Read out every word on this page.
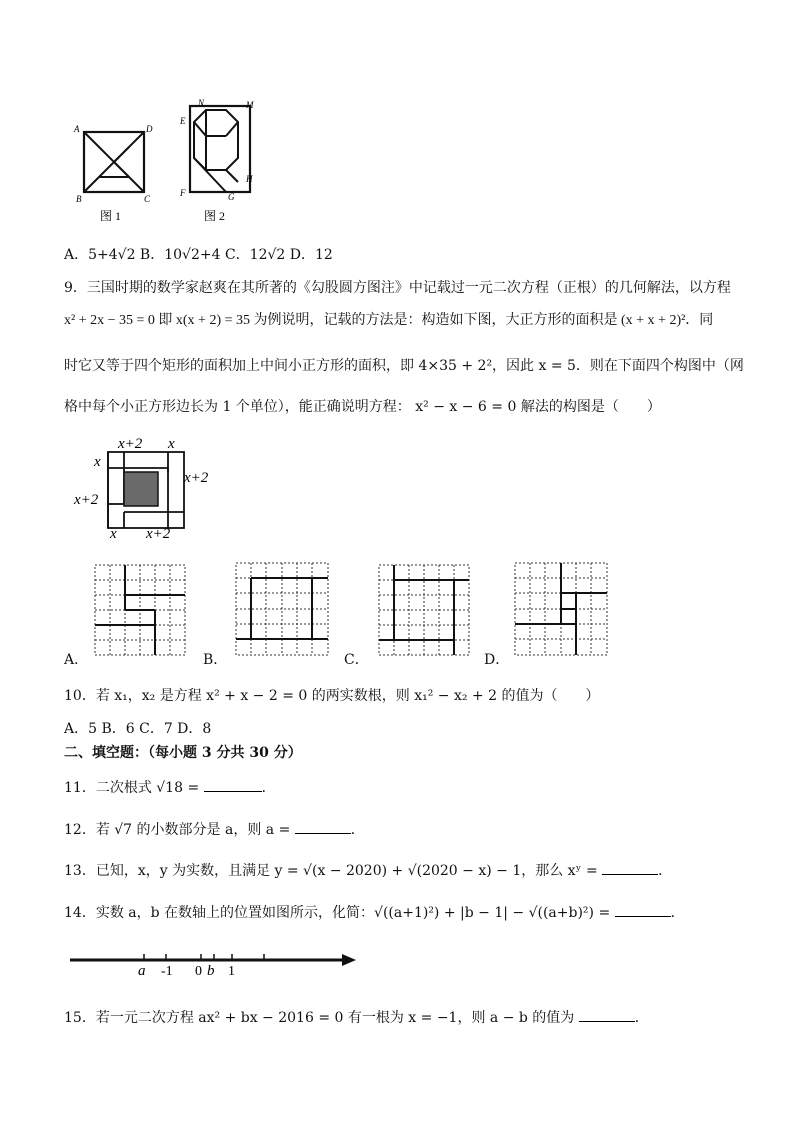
A	D
B	C
图 1
N	M
E
F	G
H
图 2
A．5+4√2 B．10√2+4 C．12√2 D．12
9．三国时期的数学家赵爽在其所著的《勾股圆方图注》中记载过一元二次方程（正根）的几何解法，以方程
x² + 2x − 35 = 0 即 x(x + 2) = 35 为例说明，记载的方法是：构造如下图，大正方形的面积是 (x + x + 2)²．同
时它又等于四个矩形的面积加上中间小正方形的面积，即 4×35 + 2²，因此 x = 5．则在下面四个构图中（网
格中每个小正方形边长为 1 个单位），能正确说明方程： x² − x − 6 = 0 解法的构图是（　　）
x+2 x
x
x+2
x+2
x x+2
A．	B．	C．	D．
10．若 x₁，x₂ 是方程 x² + x − 2 = 0 的两实数根，则 x₁² − x₂ + 2 的值为（　　）
A．5 B．6 C．7 D．8
二、填空题：（每小题 3 分共 30 分）
11．二次根式 √18 =	．
12．若 √7 的小数部分是 a，则 a =	．
13．已知，x，y 为实数，且满足 y = √(x − 2020) + √(2020 − x) − 1，那么 xʸ =	．
14．实数 a，b 在数轴上的位置如图所示，化简：√((a+1)²) + |b − 1| − √((a+b)²) =	．
a -1 0 b 1
15．若一元二次方程 ax² + bx − 2016 = 0 有一根为 x = −1，则 a − b 的值为	．
